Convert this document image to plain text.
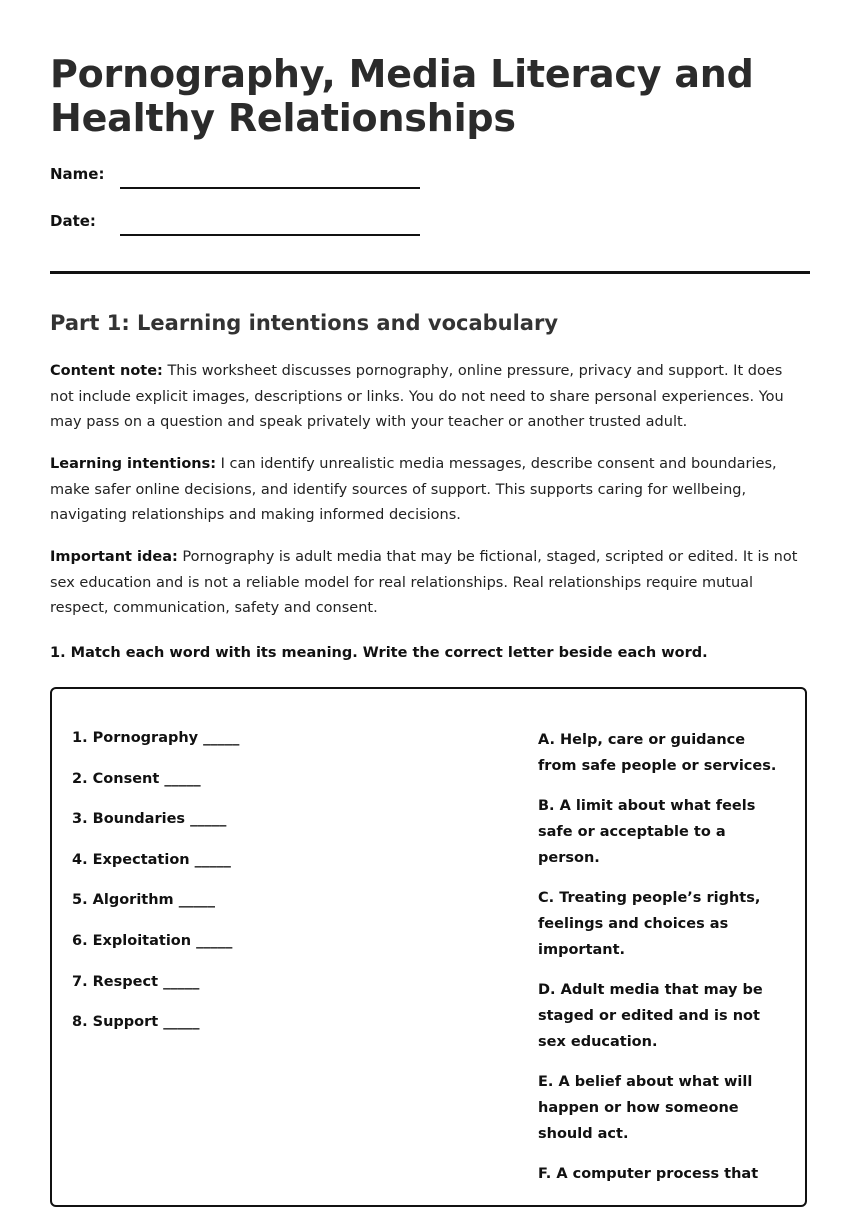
Pornography, Media Literacy and Healthy Relationships
Name:
Date:
Part 1: Learning intentions and vocabulary

Content note: This worksheet discusses pornography, online pressure, privacy and support. It does not include explicit images, descriptions or links. You do not need to share personal experiences. You may pass on a question and speak privately with your teacher or another trusted adult.

Learning intentions: I can identify unrealistic media messages, describe consent and boundaries, make safer online decisions, and identify sources of support. This supports caring for wellbeing, navigating relationships and making informed decisions.

Important idea: Pornography is adult media that may be fictional, staged, scripted or edited. It is not sex education and is not a reliable model for real relationships. Real relationships require mutual respect, communication, safety and consent.

1. Match each word with its meaning. Write the correct letter beside each word.
1. Pornography _____
2. Consent _____
3. Boundaries _____
4. Expectation _____
5. Algorithm _____
6. Exploitation _____
7. Respect _____
8. Support _____
A. Help, care or guidance from safe people or services.
B. A limit about what feels safe or acceptable to a person.
C. Treating people’s rights, feelings and choices as important.
D. Adult media that may be staged or edited and is not sex education.
E. A belief about what will happen or how someone should act.
F. A computer process that
